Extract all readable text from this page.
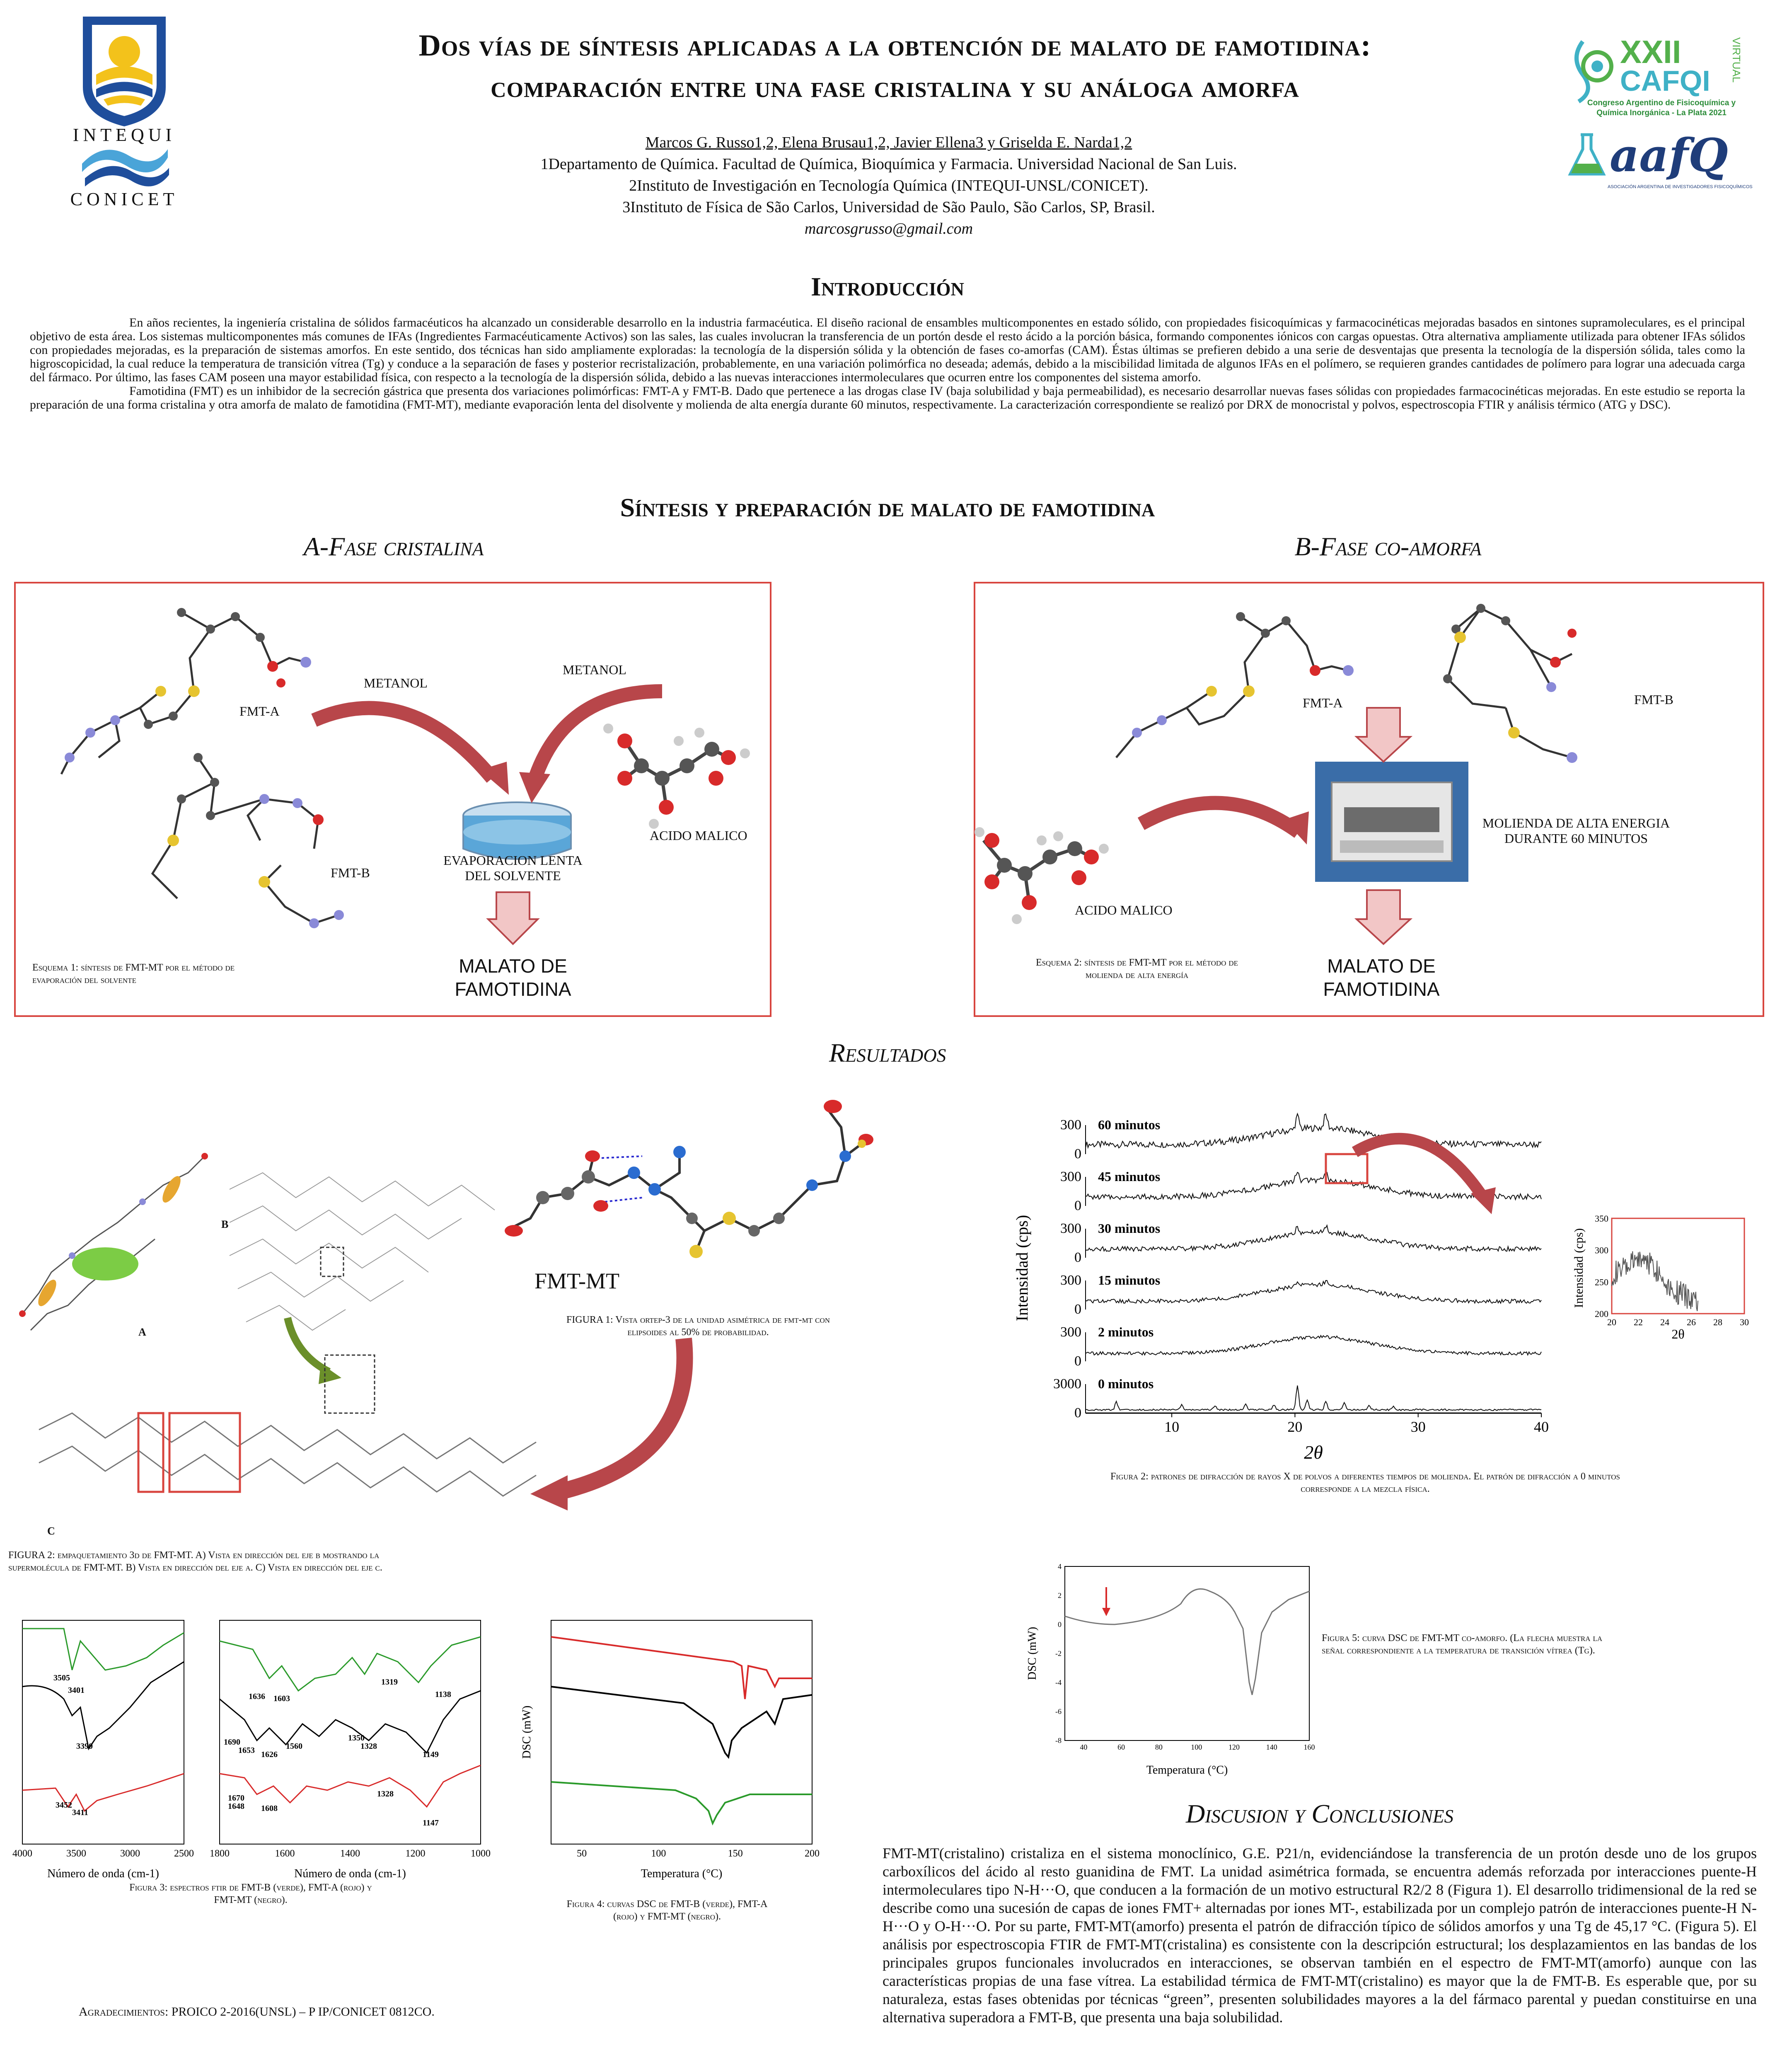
INTEQUI
CONICET
Dos vías de síntesis aplicadas a la obtención de malato de famotidina:
comparación entre una fase cristalina y su análoga amorfa
Marcos G. Russo1,2, Elena Brusau1,2, Javier Ellena3 y Griselda E. Narda1,2
1Departamento de Química. Facultad de Química, Bioquímica y Farmacia. Universidad Nacional de San Luis.
2Instituto de Investigación en Tecnología Química (INTEQUI-UNSL/CONICET).
3Instituto de Física de São Carlos, Universidad de São Paulo, São Carlos, SP, Brasil.
marcosgrusso@gmail.com
XXII
CAFQI VIRTUAL
Congreso Argentino de Fisicoquímica y
Química Inorgánica - La Plata 2021
aafQ
ASOCIACIÓN ARGENTINA DE INVESTIGADORES FISICOQUÍMICOS
Introducción

En años recientes, la ingeniería cristalina de sólidos farmacéuticos ha alcanzado un considerable desarrollo en la industria farmacéutica. El diseño racional de ensambles multicomponentes en estado sólido, con propiedades fisicoquímicas y farmacocinéticas mejoradas basados en sintones supramoleculares, es el principal objetivo de esta área. Los sistemas multicomponentes más comunes de IFAs (Ingredientes Farmacéuticamente Activos) son las sales, las cuales involucran la transferencia de un portón desde el resto ácido a la porción básica, formando componentes iónicos con cargas opuestas. Otra alternativa ampliamente utilizada para obtener IFAs sólidos con propiedades mejoradas, es la preparación de sistemas amorfos. En este sentido, dos técnicas han sido ampliamente exploradas: la tecnología de la dispersión sólida y la obtención de fases co-amorfas (CAM). Éstas últimas se prefieren debido a una serie de desventajas que presenta la tecnología de la dispersión sólida, tales como la higroscopicidad, la cual reduce la temperatura de transición vítrea (Tg) y conduce a la separación de fases y posterior recristalización, probablemente, en una variación polimórfica no deseada; además, debido a la miscibilidad limitada de algunos IFAs en el polímero, se requieren grandes cantidades de polímero para lograr una adecuada carga del fármaco. Por último, las fases CAM poseen una mayor estabilidad física, con respecto a la tecnología de la dispersión sólida, debido a las nuevas interacciones intermoleculares que ocurren entre los componentes del sistema amorfo.

Famotidina (FMT) es un inhibidor de la secreción gástrica que presenta dos variaciones polimórficas: FMT-A y FMT-B. Dado que pertenece a las drogas clase IV (baja solubilidad y baja permeabilidad), es necesario desarrollar nuevas fases sólidas con propiedades farmacocinéticas mejoradas. En este estudio se reporta la preparación de una forma cristalina y otra amorfa de malato de famotidina (FMT-MT), mediante evaporación lenta del disolvente y molienda de alta energía durante 60 minutos, respectivamente. La caracterización correspondiente se realizó por DRX de monocristal y polvos, espectroscopia FTIR y análisis térmico (ATG y DSC).

Síntesis y preparación de malato de famotidina
A-Fase cristalina	B-Fase co-amorfa
FMT-A
FMT-B
METANOL
METANOL
EVAPORACION LENTA
DEL SOLVENTE
ACIDO MALICO
MALATO DE
FAMOTIDINA
Esquema 1: síntesis de FMT-MT por el método de
evaporación del solvente
FMT-A	FMT-B
MOLIENDA DE ALTA ENERGIA
DURANTE 60 MINUTOS
ACIDO MALICO
MALATO DE
FAMOTIDINA
Esquema 2: síntesis de FMT-MT por el método de
molienda de alta energía
Resultados
A
B
C
FIGURA 2: empaquetamiento 3d de FMT-MT. A) Vista en dirección del eje b mostrando la
supermolécula de FMT-MT. B) Vista en dirección del eje a. C) Vista en dirección del eje c.
FMT-MT
FIGURA 1: Vista ortep-3 de la unidad asimétrica de fmt-mt con
elipsoides al 50% de probabilidad.
0
300 60 minutos
0
300 45 minutos
0
300 30 minutos
0
300 15 minutos
0
300 2 minutos
0
3000 0 minutos
Intensidad (cps)
2θ
10	20	30	40
20 22 24 26 28 30
200
250
300
350
Intensidad (cps)
2θ
Figura 2: patrones de difracción de rayos X de polvos a diferentes tiempos de molienda. El patrón de difracción a 0 minutos
corresponde a la mezcla física.
3505
3401
3390
3452
3411
4000	3500	3000	2500
Número de onda (cm-1)
1636 1603
1319
1138
1690
1653 1626
1560
1350
1328
1149
1670
1648 1608
1328
1147
1800	1600	1400	1200	1000
Número de onda (cm-1)
Figura 3: espectros ftir de FMT-B (verde), FMT-A (rojo) y
FMT-MT (negro).
50	100	150	200
DSC (mW)
Temperatura (°C)
Figura 4: curvas DSC de FMT-B (verde), FMT-A
(rojo) y FMT-MT (negro).
40	60	80	100	120	140	160
4
2
0
-2
-4
-6
-8
DSC (mW)
Temperatura (°C)
Figura 5: curva DSC de FMT-MT co-amorfo. (La flecha muestra la
señal correspondiente a la temperatura de transición vítrea (Tg).
Discusion y Conclusiones
FMT-MT(cristalino) cristaliza en el sistema monoclínico, G.E. P21/n, evidenciándose la transferencia de un protón desde uno de los grupos carboxílicos del ácido al resto guanidina de FMT. La unidad asimétrica formada, se encuentra además reforzada por interacciones puente-H intermoleculares tipo N-H···O, que conducen a la formación de un motivo estructural R2/2 8 (Figura 1). El desarrollo tridimensional de la red se describe como una sucesión de capas de iones FMT+ alternadas por iones MT-, estabilizada por un complejo patrón de interacciones puente-H N-H···O y O-H···O. Por su parte, FMT-MT(amorfo) presenta el patrón de difracción típico de sólidos amorfos y una Tg de 45,17 °C. (Figura 5). El análisis por espectroscopia FTIR de FMT-MT(cristalina) es consistente con la descripción estructural; los desplazamientos en las bandas de los principales grupos funcionales involucrados en interacciones, se observan también en el espectro de FMT-MT(amorfo) aunque con las características propias de una fase vítrea. La estabilidad térmica de FMT-MT(cristalino) es mayor que la de FMT-B. Es esperable que, por su naturaleza, estas fases obtenidas por técnicas “green”, presenten solubilidades mayores a la del fármaco parental y puedan constituirse en una alternativa superadora a FMT-B, que presenta una baja solubilidad.
Agradecimientos: PROICO 2-2016(UNSL) – P IP/CONICET 0812CO.
